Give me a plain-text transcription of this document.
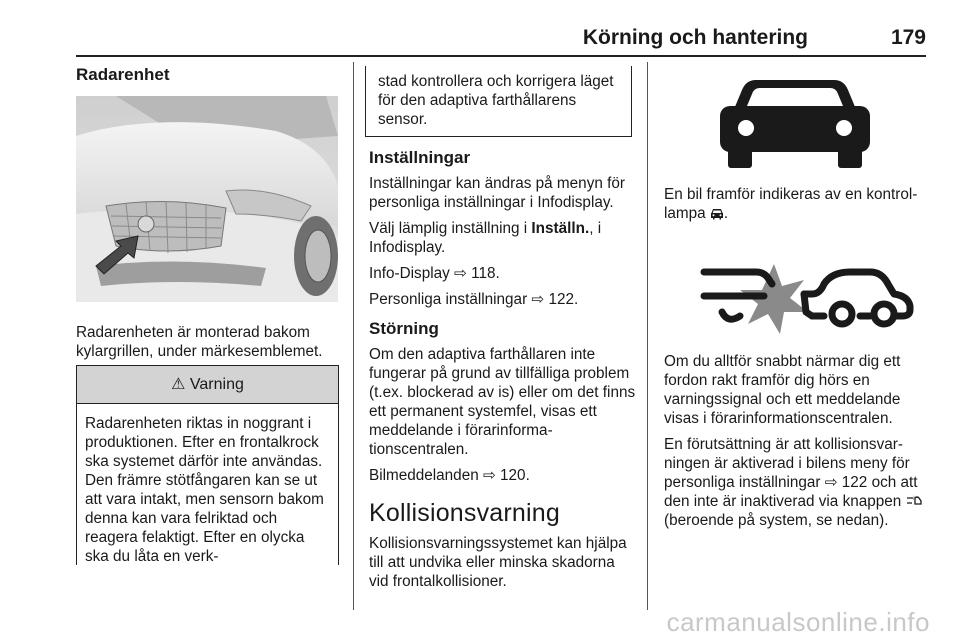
Körning och hantering	179
Radarenhet

Radarenheten är monterad bakom kylargrillen, under märkesemblemet.

⚠ Varning
Radarenheten riktas in noggrant i produktionen. Efter en frontalkrock ska systemet därför inte användas. Den främre stötfångaren kan se ut att vara intakt, men sensorn bakom denna kan vara felriktad och reagera felaktigt. Efter en olycka ska du låta en verk-
stad kontrollera och korrigera läget för den adaptiva farthållarens sensor.
Inställningar

Inställningar kan ändras på menyn för personliga inställningar i Infodisplay.

Välj lämplig inställning i Inställn., i Infodisplay.

Info-Display ⇨ 118.

Personliga inställningar ⇨ 122.

Störning

Om den adaptiva farthållaren inte fungerar på grund av tillfälliga problem (t.ex. blockerad av is) eller om det finns ett permanent systemfel, visas ett meddelande i förarinformationscentralen.

Bilmeddelanden ⇨ 120.

Kollisionsvarning

Kollisionsvarningssystemet kan hjälpa till att undvika eller minska skadorna vid frontalkollisioner.

En bil framför indikeras av en kontrollampa .

Om du alltför snabbt närmar dig ett fordon rakt framför dig hörs en varningssignal och ett meddelande visas i förarinformationscentralen.

En förutsättning är att kollisionsvarningen är aktiverad i bilens meny för personliga inställningar ⇨ 122 och att den inte är inaktiverad via knappen  (beroende på system, se nedan).

carmanualsonline.info
